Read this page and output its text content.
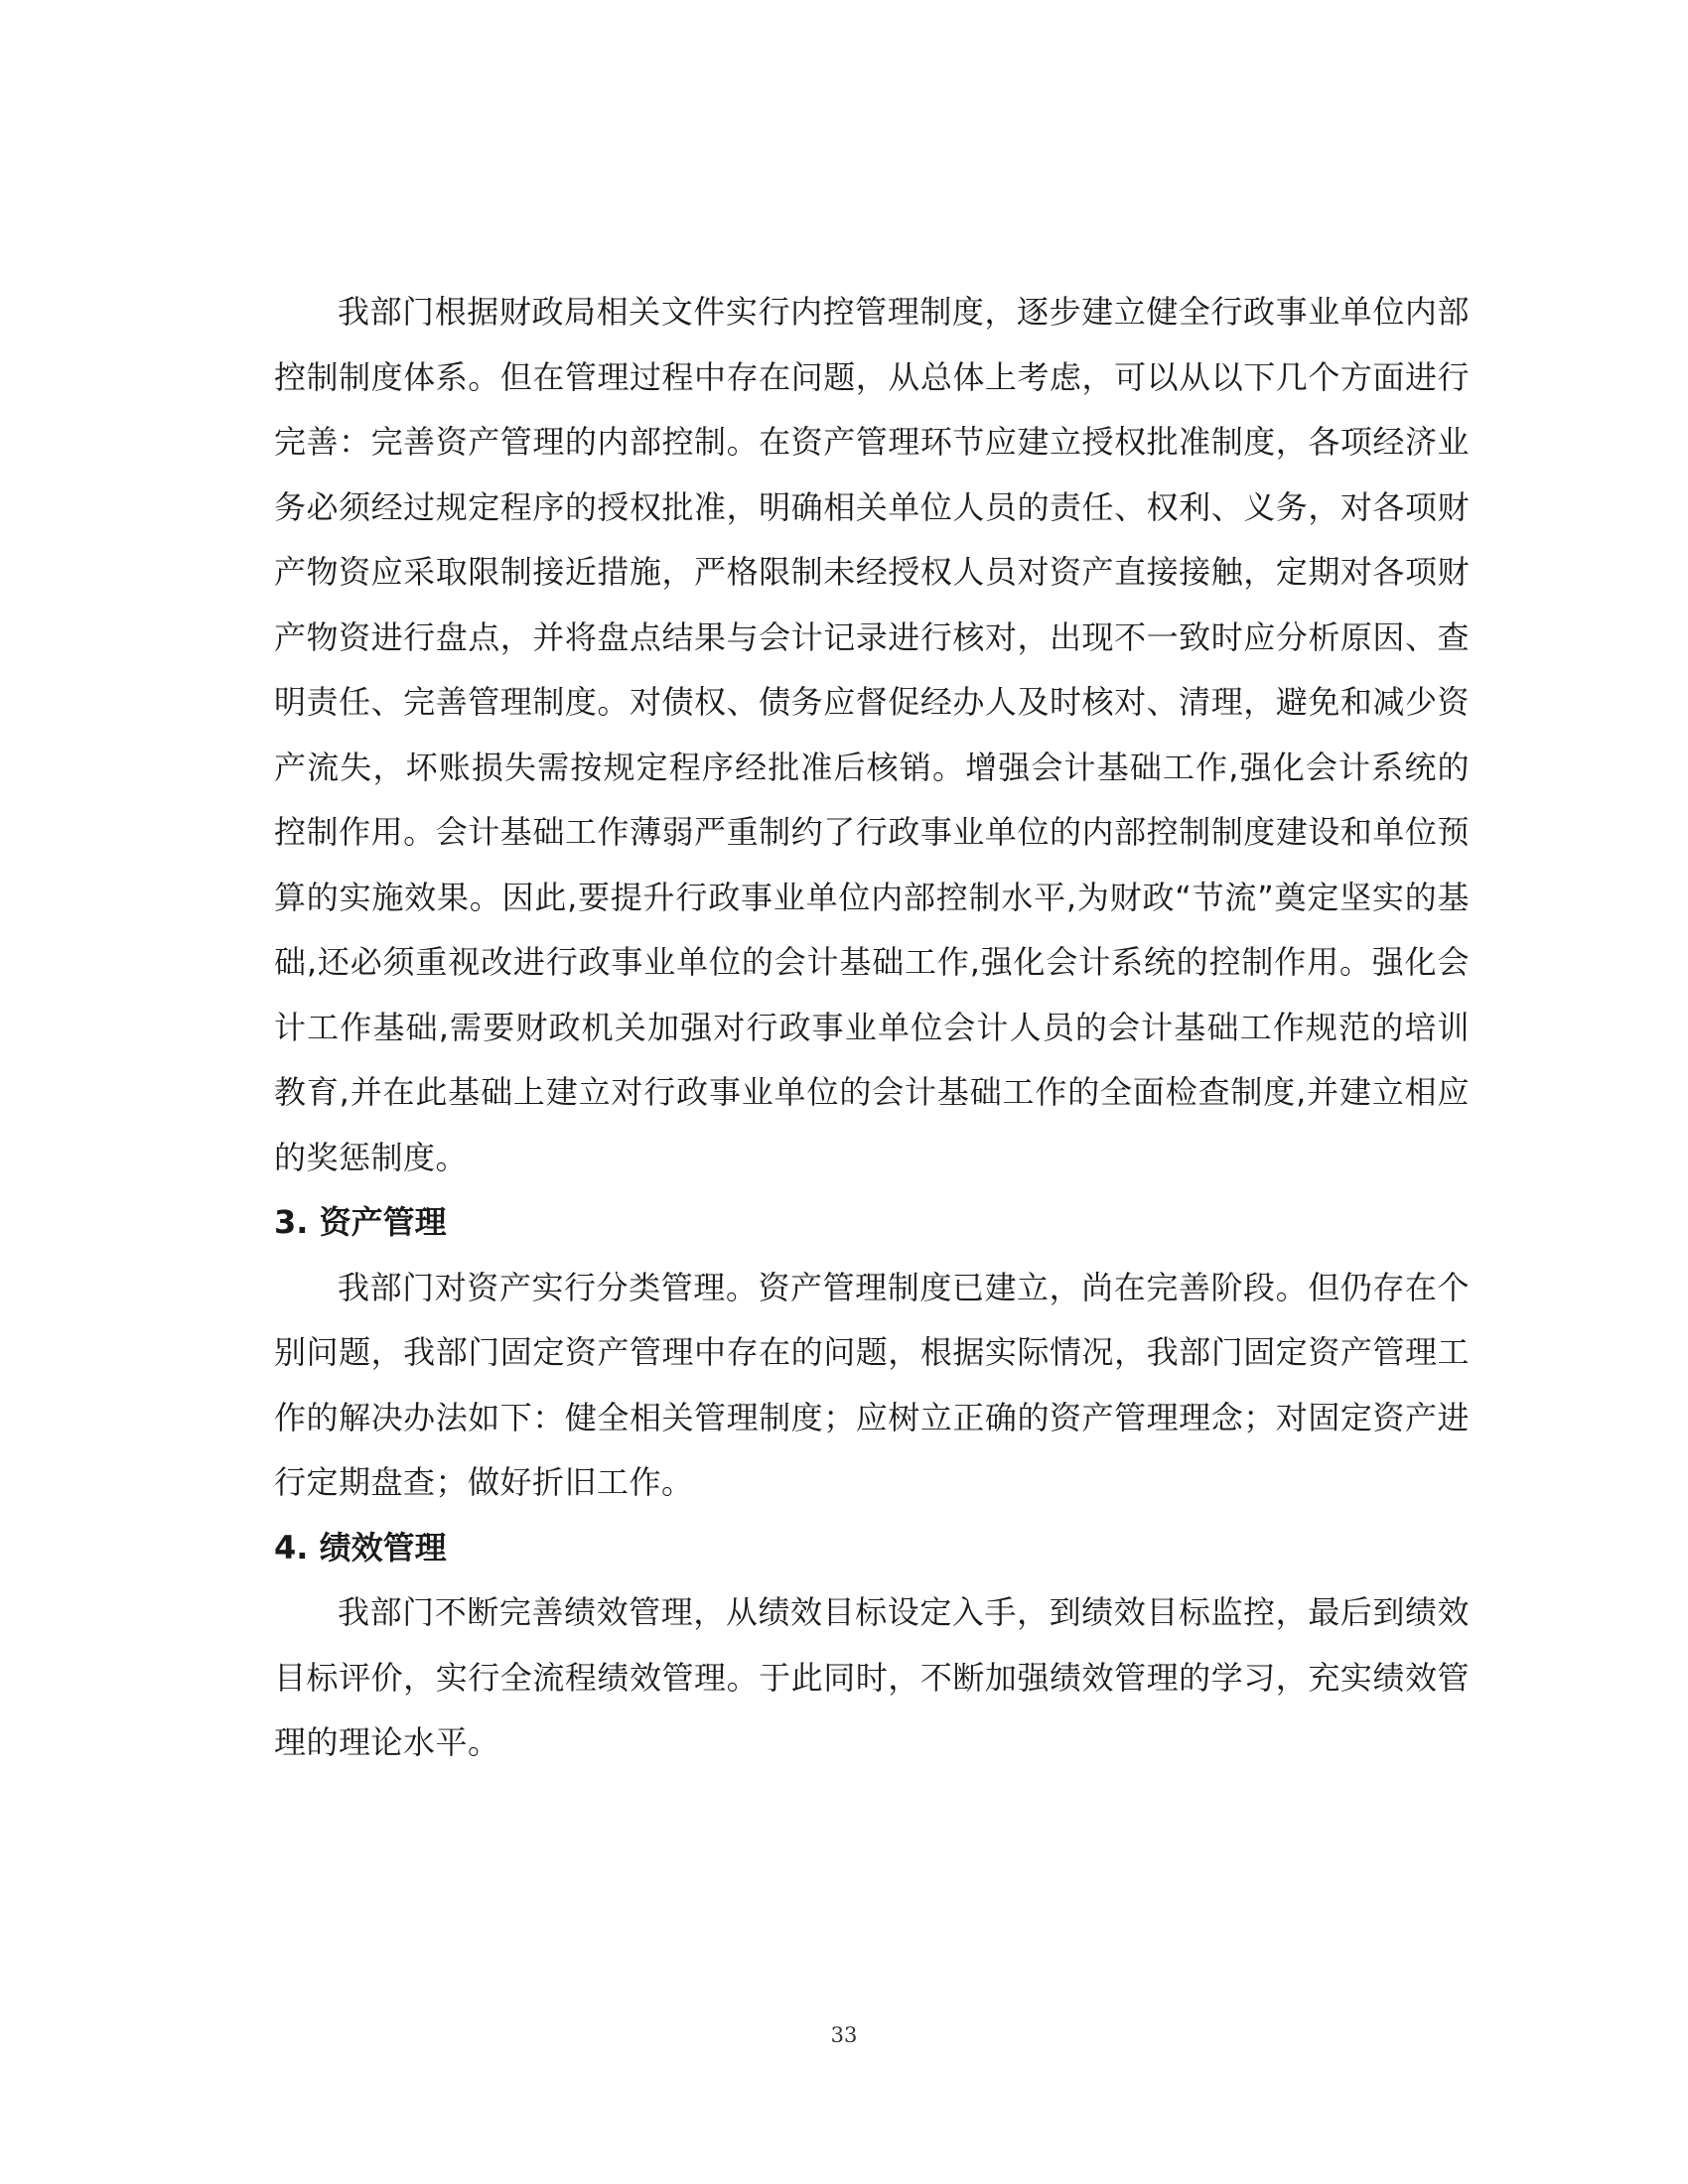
我部门根据财政局相关文件实行内控管理制度，逐步建立健全行政事业单位内部控制制度体系。但在管理过程中存在问题，从总体上考虑，可以从以下几个方面进行完善：完善资产管理的内部控制。在资产管理环节应建立授权批准制度，各项经济业务必须经过规定程序的授权批准，明确相关单位人员的责任、权利、义务，对各项财产物资应采取限制接近措施，严格限制未经授权人员对资产直接接触，定期对各项财产物资进行盘点，并将盘点结果与会计记录进行核对，出现不一致时应分析原因、查明责任、完善管理制度。对债权、债务应督促经办人及时核对、清理，避免和减少资产流失，坏账损失需按规定程序经批准后核销。增强会计基础工作,强化会计系统的控制作用。会计基础工作薄弱严重制约了行政事业单位的内部控制制度建设和单位预算的实施效果。因此,要提升行政事业单位内部控制水平,为财政“节流”奠定坚实的基础,还必须重视改进行政事业单位的会计基础工作,强化会计系统的控制作用。强化会计工作基础,需要财政机关加强对行政事业单位会计人员的会计基础工作规范的培训教育,并在此基础上建立对行政事业单位的会计基础工作的全面检查制度,并建立相应的奖惩制度。

3. 资产管理

我部门对资产实行分类管理。资产管理制度已建立，尚在完善阶段。但仍存在个别问题，我部门固定资产管理中存在的问题，根据实际情况，我部门固定资产管理工作的解决办法如下：健全相关管理制度；应树立正确的资产管理理念；对固定资产进行定期盘查；做好折旧工作。

4. 绩效管理

我部门不断完善绩效管理，从绩效目标设定入手，到绩效目标监控，最后到绩效目标评价，实行全流程绩效管理。于此同时，不断加强绩效管理的学习，充实绩效管理的理论水平。

33
